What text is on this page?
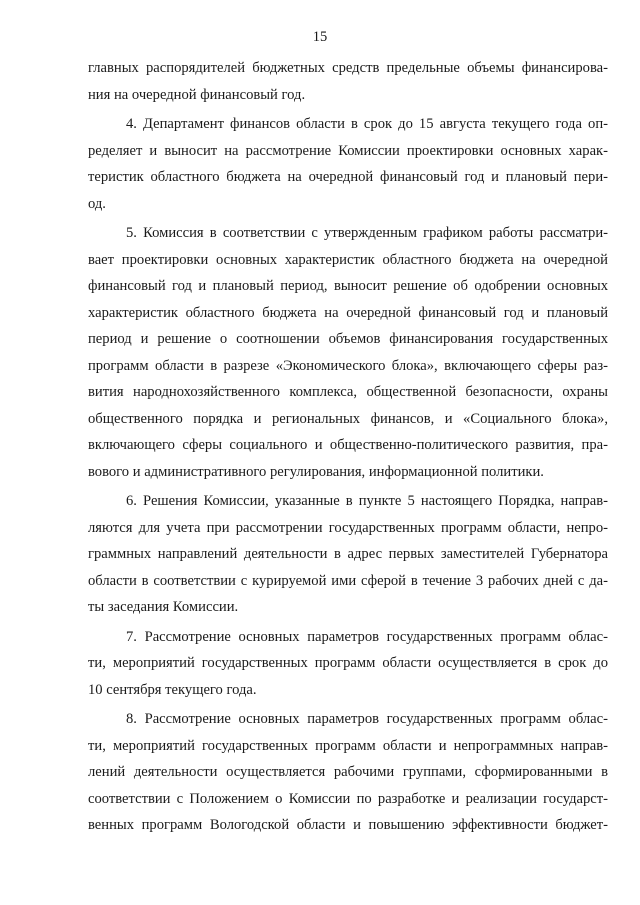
15
главных распорядителей бюджетных средств предельные объемы финансирова-
ния на очередной финансовый год.
4. Департамент финансов области в срок до 15 августа текущего года оп-
ределяет и выносит на рассмотрение Комиссии проектировки основных харак-
теристик областного бюджета на очередной финансовый год и плановый пери-
од.
5. Комиссия в соответствии с утвержденным графиком работы рассматри-
вает проектировки основных характеристик областного бюджета на очередной
финансовый год и плановый период, выносит решение об одобрении основных
характеристик областного бюджета на очередной финансовый год и плановый
период и решение о соотношении объемов финансирования государственных
программ области в разрезе «Экономического блока», включающего сферы раз-
вития народнохозяйственного комплекса, общественной безопасности, охраны
общественного порядка и региональных финансов, и «Социального блока»,
включающего сферы социального и общественно-политического развития, пра-
вового и административного регулирования, информационной политики.
6. Решения Комиссии, указанные в пункте 5 настоящего Порядка, направ-
ляются для учета при рассмотрении государственных программ области, непро-
граммных направлений деятельности в адрес первых заместителей Губернатора
области в соответствии с курируемой ими сферой в течение 3 рабочих дней с да-
ты заседания Комиссии.
7. Рассмотрение основных параметров государственных программ облас-
ти, мероприятий государственных программ области осуществляется в срок до
10 сентября текущего года.
8. Рассмотрение основных параметров государственных программ облас-
ти, мероприятий государственных программ области и непрограммных направ-
лений деятельности осуществляется рабочими группами, сформированными в
соответствии с Положением о Комиссии по разработке и реализации государст-
венных программ Вологодской области и повышению эффективности бюджет-
